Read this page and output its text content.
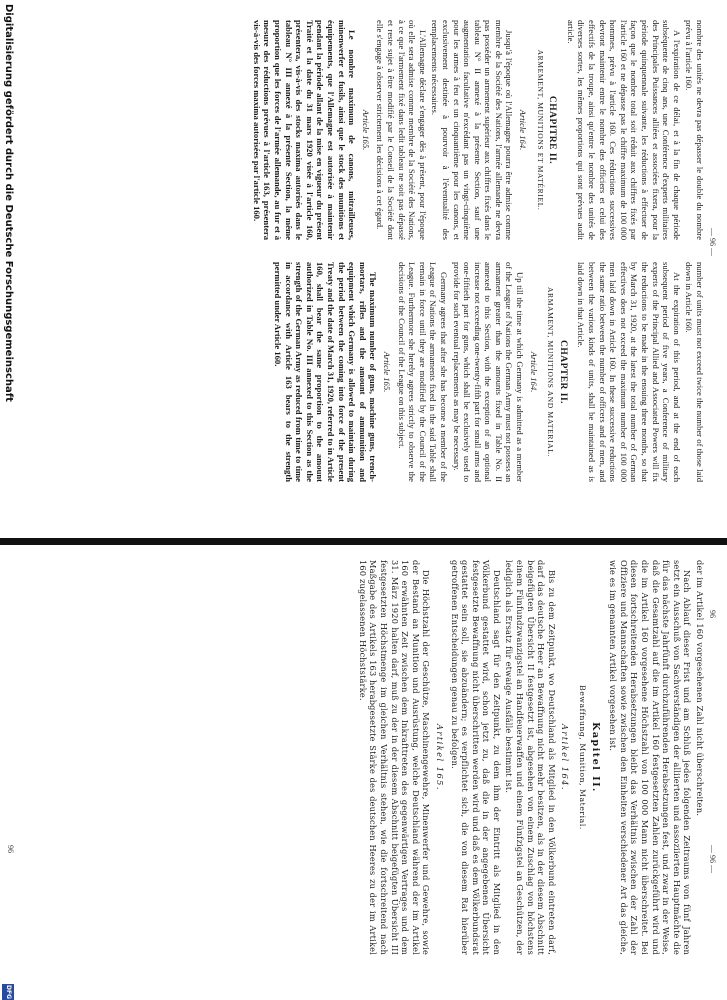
— 96 —
96

nombre des unités ne devra pas dépasser le double du nombre prévu à l'article 160.

A l'expiration de ce délai, et à la fin de chaque période subséquente de cinq ans, une Conférence d'experts militaires des Principales Puissances alliées et associées fixera, pour la période quinquennale suivante, les réductions à effectuer de façon que le nombre total soit réduit aux chiffres fixés par l'article 160 et ne dépasse pas le chiffre maximum de 100 000 hommes, prévu à l'article 160. Ces réductions successives devront maintenir entre le nombre des officiers et celui des effectifs de la troupe, ainsi qu'entre le nombre des unités de diverses sortes, les mêmes proportions qui sont prévues audit article.

CHAPITRE II.

ARMEMENT, MUNITIONS ET MATÉRIEL.

Article 164.

Jusqu'à l'époque où l'Allemagne pourra être admise comme membre de la Société des Nations, l'armée allemande ne devra pas posséder un armement supérieur aux chiffres fixés dans le tableau N° II annexé à la présente Section, sauf une augmentation facultative n'excédant pas un vingt-cinquième pour les armes à feu et un cinquantième pour les canons, et exclusivement destinée à pourvoir à l'éventualité des remplacements nécessaires.

L'Allemagne déclare s'engager dès à présent, pour l'époque où elle sera admise comme membre de la Société des Nations, à ce que l'armement fixé dans ledit tableau ne soit pas dépassé et reste sujet à être modifié par le Conseil de la Société dont elle s'engage à observer strictement les décisions à cet égard.

Article 165.

Le nombre maximum de canons, mitrailleuses, minenwerfer et fusils, ainsi que le stock des munitions et équipements, que l'Allemagne est autorisée à maintenir pendant la période allant de la mise en vigueur du présent Traité et la date du 31 mars 1920 visée à l'article 160, présentera, vis-à-vis des stocks maxima autorisés dans le tableau N° III annexé à la présente Section, la même proportion que les forces de l'armée allemande, au fur et à mesure des réductions prévues à l'article 163, présentera vis-à-vis des forces maxima autorisées par l'article 160.

number of units must not exceed twice the number of those laid down in Article 160.

At the expiration of this period, and at the end of each subsequent period of five years, a Conference of military experts of the Principal Allied and Associated Powers will fix the reductions to be made in the ensuing three months, so that by March 31, 1920, at the latest the total number of German effectives does not exceed the maximum number of 100 000 men laid down in Article 160. In these successive reductions the same ratio between the number of officers and of men, and between the various kinds of units, shall be maintained as is laid down in that Article.

CHAPTER II.

ARMAMENT, MUNITIONS AND MATERIAL.

Article 164.

Up till the time at which Germany is admitted as a member of the League of Nations the German Army must not possess an armament greater than the amounts fixed in Table No. II annexed to this Section, with the exception of an optional increase not exceeding one-twenty-fifth part for small arms and one-fiftieth part for guns, which shall be exclusively used to provide for such eventual replacements as may be necessary.

Germany agrees that after she has become a member of the League of Nations the armaments fixed in the said Table shall remain in force until they are modified by the Council of the League. Furthermore she hereby agrees strictly to observe the decisions of the Council of the League on this subject.

Article 165.

The maximum number of guns, machine guns, trench-mortars, rifles and the amount of ammunition and equipment which Germany is allowed to maintain during the period between the coming into force of the present Treaty and the date of March 31, 1920, referred to in Article 160, shall bear the same proportion to the amount authorized in Table No. III annexed to this Section as the strength of the German Army as reduced from time to time in accordance with Article 163 bears to the strength permitted under Article 160.

— 96 —

der im Artikel 160 vorgesehenen Zahl nicht überschreiten.

Nach Ablauf dieser Frist und am Schluß jedes folgenden Zeitraums von fünf Jahren setzt ein Ausschuß von Sachverständigen der alliierten und assoziierten Hauptmächte die für das nächste Jahrfünft durchzuführenden Herabsetzungen fest, und zwar in der Weise, daß die Gesamtzahl auf die im Artikel 160 festgesetzten Zahlen zurückgeführt wird und die im Artikel 160 vorgesehene Höchstzahl von 100 000 Mann nicht überschreitet. Bei diesen fortschreitenden Herabsetzungen bleibt das Verhältnis zwischen der Zahl der Offiziere und Mannschaften sowie zwischen den Einheiten verschiedener Art das gleiche, wie es im genannten Artikel vorgesehen ist.

Kapitel II.

Bewaffnung, Munition, Material.

Artikel 164.

Bis zu dem Zeitpunkt, wo Deutschland als Mitglied in den Völkerbund eintreten darf, darf das deutsche Heer an Bewaffnung nicht mehr besitzen, als in der diesem Abschnitt beigefügten Übersicht II festgesetzt ist, abgesehen von einem Zuschlag von höchstens einem Fünfundzwanzigstel an Handfeuerwaffen und einem Fünfzigstel an Geschützen, der lediglich als Ersatz für etwaige Ausfälle bestimmt ist.

Deutschland sagt für den Zeitpunkt, zu dem ihm der Eintritt als Mitglied in den Völkerbund gestattet wird, schon jetzt zu, daß die in der angegebenen Übersicht festgesetzte Bewaffnung nicht überschritten werden wird und daß es dem Völkerbundsrat gestattet sein soll, sie abzuändern; es verpflichtet sich, die von diesem Rat hierüber getroffenen Entscheidungen genau zu befolgen.

Artikel 165.

Die Höchstzahl der Geschütze, Maschinengewehre, Minenwerfer und Gewehre, sowie der Bestand an Munition und Ausrüstung, welche Deutschland während der im Artikel 160 erwähnten Zeit zwischen dem Inkrafttreten des gegenwärtigen Vertrages und dem 31. März 1920 halten darf, muß zu der in der diesem Abschnitt beigefügten Übersicht III festgesetzten Höchstmenge im gleichen Verhältnis stehen, wie die fortschreitend nach Maßgabe des Artikels 163 herabgesetzte Stärke des deutschen Heeres zu der im Artikel 160 zugelassenen Höchststärke.

96
DFG
Digitalisierung gefördert durch die Deutsche Forschungsgemeinschaft
